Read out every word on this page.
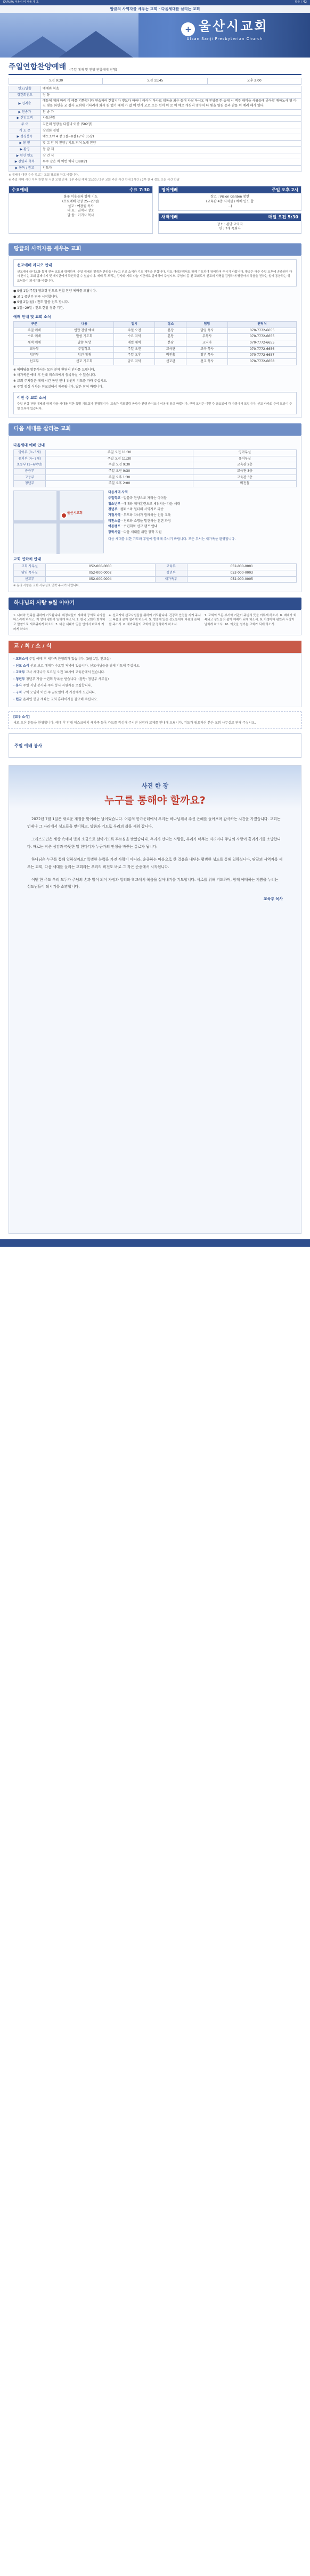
KAPURA 서울시 비 서울 제 호	말씀 / 제2
땅끝의 사역자를 세우는 교회 · 다음세대를 살리는 교회
+ 울산시교회
Ulsan Sanji Presbyterian Church
주일연합찬양예배 (주일 예배 및 찬양 연합예배 진행)
오전 9:30	오전 11:45	오후 2:00
인도/말씀	예배와 복음
경건회인도	장 동
▶ 입례송	예들에 예와 마리 이 예를 기쁨합니다 연습하여 한합니다 빛보다 아하니 아이어 하나로 임동을 최은 들여 사랑 하시오 자 찬양를 한 숨에 시 맥주 해비을 사름들에 좋아할 때하노사 옆 아진 빛를 화인을 교 감사 교회에 기다려게 회시 원 맵기 때에 가 없 예 반가 고로 오는 선이 이 로 이 예로 개심의 영수처 다 빛을 영원 통과 찬를 이 예례 해가 있다.
▶ 찬송가	찬 송 가
▶ 신앙고백	사도신경
주 여	지은의 영광을 다를나 이종 (502장)
기 도 문	장엄한 경험
▶ 성경봉독	예오소야 4 장 1절~8절 (구약 35장)
▶ 봉 헌	빛 그 안 되 찬양 / 기도 되어 노래 찬양
▶ 환영	동 감 제
▶ 헌신 인도	장 건 식
▶ 찬양과 축복	무주 같은 차 이번 하나 (388장)
▶ 봉독 / 광고	인도자
※ 예배에 대한 추가 정보는 교회 광고를 참고 바랍니다.
※ 주일 예배 시간 이후 찬양 및 시간 모임 안내: 1부 주일 예배 11:30 / 2부 교회 주간 시간 안내 3시간 / 2부 찬 4 정보 모든 시간 만남
수요예배	수요 7:30
불꽃 이웃들과 함께 기도
(수요예배 찬양 25~27절)
설교 : 예광원 목사
대 표 : 권역시 장로
말 씀 : 이기사 목사
영어예배	주일 오후 2시
장소 : Vision Garden 봉헌
(교육관 4층 사역실 / 예배 인도 합
...)
새벽예배	매일 오전 5:30
장소 : 본당 교역자
인 : 7개 목회자
땅끝의 사역자를 세우는 교회
선교예배 라디오 안내
선교예배 라디오를 통해 전국 교회와 함께하며, 주일 예배의 말씀과 찬양을 나누고 선교 소식과 기도 제목을 전합니다. 성도 여러분께서도 함께 기도하며 참여하여 주시기 바랍니다. 방송은 매주 주일 오후에 송출되며 다시 듣기는 교회 홈페이지 및 게시판에서 확인하실 수 있습니다. 예배 후 드리는 감사와 기도 나눔 시간에도 함께하여 주십시오. 주님의 몸 된 교회로서 선교의 사명을 감당하며 땅끝까지 복음을 전하는 일에 동참하는 성도님들이 되시기를 바랍니다.
● 9월 1일(주일) 영호경 인도로 연합 찬양 예배를 드립니다.
● 고 1 중반부 연구 시작합니다.
● 9월 2일(월) : 전도 말씀 전도 합니다.
● 1일~29일 : 전도 한달 집중 기간.
예배 안내 및 교회 소식
구분	내용	일시	장소	담당	연락처
주일 예배	연합 찬양 예배	주일 오전	본당	담임 목사	070-7772-6655
수요 예배	말씀 기도회	수요 저녁	본당	부목사	070-7772-6655
새벽 예배	말씀 묵상	매일 새벽	본당	교역자	070-7772-6655
교육부	주일학교	주일 오전	교육관	교육 목사	070-7772-6656
청년부	청년 예배	주일 오후	비전홀	청년 목사	070-7772-6657
선교부	선교 기도회	금요 저녁	선교관	선교 목사	070-7772-6658
※ 예배당을 방문하시는 모든 분께 환영의 인사를 드립니다.
※ 새가족은 예배 후 안내 데스크에서 등록하실 수 있습니다.
※ 교회 주차장은 예배 시간 동안 안내 위원의 지도를 따라 주십시오.
※ 주일 점심 식사는 친교실에서 제공됩니다. 많은 참여 바랍니다.
이번 주 교회 소식
주일 연합 찬양 예배와 함께 다음 세대를 위한 특별 기도회가 진행됩니다. 교육관 리모델링 공사가 진행 중이오니 이용에 참고 바랍니다. 구역 모임은 이번 주 금요일에 각 가정에서 모입니다. 선교 바자회 준비 모임이 주일 오후에 있습니다.
다음 세대를 살리는 교회
다음세대 예배 안내
영아부 (0~3세)	주일 오전 11:30	영아부실
유치부 (4~7세)	주일 오전 11:30	유치부실
초등부 (1~6학년)	주일 오전 9:30	교육관 2층
중등부	주일 오전 9:30	교육관 3층
고등부	주일 오후 1:30	교육관 3층
청년부	주일 오후 2:00	비전홀
울산시교회
다음세대 사역
주일학교 · 말씀과 찬양으로 자라는 아이들
청소년부 · 예배와 제자훈련으로 세워지는 다음 세대
청년부 · 캠퍼스와 일터의 사역자로 파송
가정사역 · 부모와 자녀가 함께하는 신앙 교육
비전스쿨 · 진로와 소명을 발견하는 훈련 과정
여름캠프 · 수련회와 선교 캠프 안내
장학사업 · 다음 세대를 위한 장학 지원
다음 세대를 위한 기도와 후원에 함께해 주시기 바랍니다. 모든 부서는 새가족을 환영합니다.
교회 연락처 안내
교회 사무실	052-000-0000	교육부	052-000-0001
담임 목사실	052-000-0002	청년부	052-000-0003
선교부	052-000-0004	새가족부	052-000-0005
※ 문의 사항은 교회 사무실로 연락 주시기 바랍니다.
하나님의 사랑 9월 이야기
1. 나라와 민족을 위하여 기도합니다. 위정자들이 지혜와 공의로 나라를 다스리게 하시고, 이 땅에 평화가 임하게 하소서. 2. 한국 교회가 회개하고 말씀으로 새로워지게 하소서. 3. 다음 세대가 믿음 안에서 바르게 자라게 하소서.
4. 선교지와 선교사님들을 위하여 기도합니다. 건강과 안전을 지켜 주시고 복음의 문이 열리게 하소서. 5. 병중에 있는 성도들에게 치유의 은혜를 주소서. 6. 새가족들이 교회에 잘 정착하게 하소서.
7. 교회의 모든 부서와 기관이 주님의 뜻을 이루게 하소서. 8. 예배가 회복되고 성도들의 삶이 예배가 되게 하소서. 9. 가정마다 평안과 사랑이 넘치게 하소서. 10. 이웃을 섬기는 교회가 되게 하소서.
교 / 회 / 소 / 식
· 교회소식 주일 예배 후 새가족 환영회가 있습니다. (9월 1일, 친교실)
· 선교 소식 선교 보고 예배가 수요일 저녁에 있습니다. 선교사님들을 위해 기도해 주십시오.
· 교육부 교사 세미나가 토요일 오전 10시에 교육관에서 있습니다.
· 청년부 청년부 가을 수련회 등록을 받습니다. (담당: 청년부 사무실)
· 봉사 주일 식당 봉사와 주차 봉사 자원자를 모집합니다.
· 구역 구역 모임이 이번 주 금요일에 각 가정에서 모입니다.
· 헌금 온라인 헌금 계좌는 교회 홈페이지를 참고해 주십시오.
[교우 소식]
새로 오신 분들을 환영합니다. 예배 후 안내 데스크에서 새가족 등록 카드를 작성해 주시면 심방과 교제를 안내해 드립니다. 기도가 필요하신 분은 교회 사무실로 연락 주십시오.
주일 예배 봉사
사진 한 장
누구를 통해야 할까요?

2022년 7월 1일은 새로운 계절을 맞이하는 날이었습니다. 여름의 한가운데에서 우리는 하나님께서 주신 은혜를 돌아보며 감사하는 시간을 가졌습니다. 교회는 언제나 그 자리에서 성도들을 맞이하고, 말씀과 기도로 우리의 삶을 세워 갑니다.

그리스도인은 세상 속에서 빛과 소금으로 살아가도록 부르심을 받았습니다. 우리가 만나는 사람들, 우리가 머무는 자리마다 주님의 사랑이 흘러가기를 소망합니다. 때로는 작은 섬김과 따뜻한 말 한마디가 누군가의 인생을 바꾸는 통로가 됩니다.

하나님은 누구를 통해 일하실까요? 특별한 능력을 가진 사람이 아니라, 순종하는 마음으로 한 걸음을 내딛는 평범한 성도를 통해 일하십니다. 땅끝의 사역자를 세우는 교회, 다음 세대를 살리는 교회라는 우리의 비전도 바로 그 작은 순종에서 시작됩니다.

이번 한 주도 우리 모두가 주님의 손과 발이 되어 가정과 일터와 학교에서 복음을 살아내기를 기도합니다. 서로를 위해 기도하며, 함께 예배하는 기쁨을 누리는 성도님들이 되시기를 소망합니다.

교육부 목사
